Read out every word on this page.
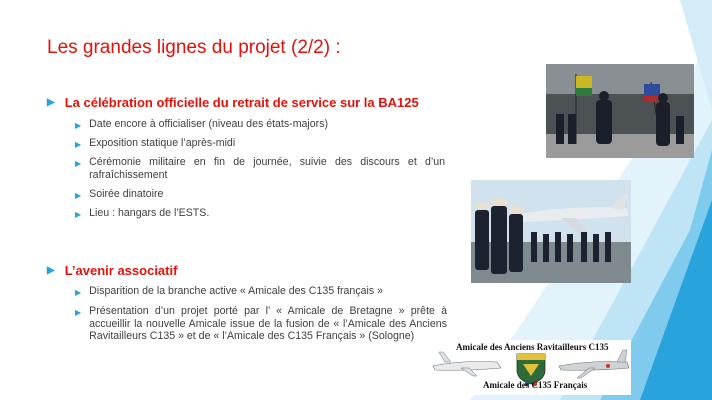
Les grandes lignes du projet (2/2) :
▶ La célébration officielle du retrait de service sur la BA125
▶ Date encore à officialiser (niveau des états-majors)
▶ Exposition statique l’après-midi
▶ Cérémonie militaire en fin de journée, suivie des discours et d’un rafraîchissement
▶ Soirée dinatoire
▶ Lieu : hangars de l’ESTS.
▶ L’avenir associatif
▶ Disparition de la branche active « Amicale des C135 français »
▶ Présentation d’un projet porté par l’ « Amicale de Bretagne » prête à accueillir la nouvelle Amicale issue de la fusion de « l’Amicale des Anciens Ravitailleurs C135 » et de « l’Amicale des C135 Français » (Sologne)
Amicale des Anciens Ravitailleurs C135
Amicale des C135 Français
